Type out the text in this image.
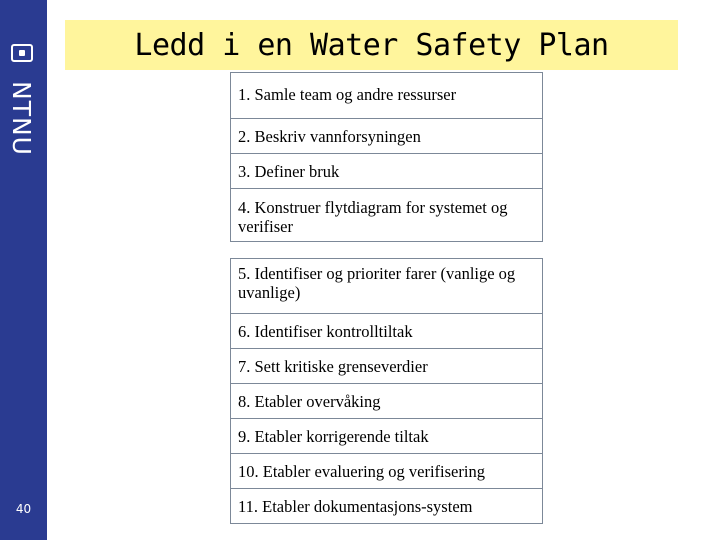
NTNU
40
Ledd i en Water Safety Plan
1. Samle team og andre ressurser
2. Beskriv vannforsyningen
3. Definer bruk
4. Konstruer flytdiagram for systemet og verifiser
5. Identifiser og prioriter farer (vanlige og uvanlige)
6. Identifiser kontrolltiltak
7. Sett kritiske grenseverdier
8. Etabler overvåking
9. Etabler korrigerende tiltak
10. Etabler evaluering og verifisering
11. Etabler dokumentasjons-system
